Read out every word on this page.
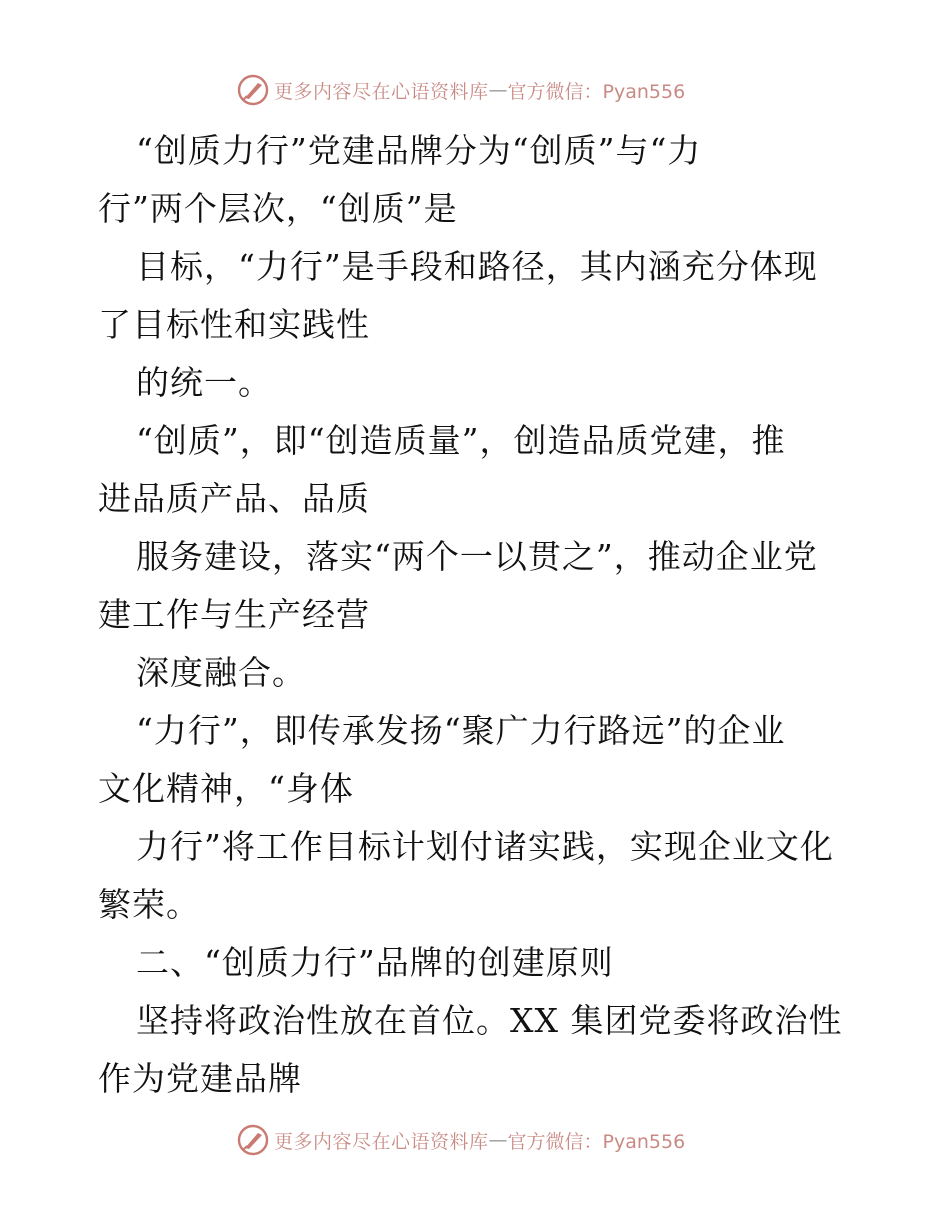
更多内容尽在心语资料库 — 官方微信：Pyan556
“创质力行”党建品牌分为“创质”与“力
行”两个层次，“创质”是
目标，“力行”是手段和路径，其内涵充分体现
了目标性和实践性
的统一。
“创质”，即“创造质量”，创造品质党建，推
进品质产品、品质
服务建设，落实“两个一以贯之”，推动企业党
建工作与生产经营
深度融合。
“力行”，即传承发扬“聚广力行路远”的企业
文化精神，“身体
力行”将工作目标计划付诸实践，实现企业文化
繁荣。
二、“创质力行”品牌的创建原则
坚持将政治性放在首位。XX 集团党委将政治性
作为党建品牌
更多内容尽在心语资料库 — 官方微信：Pyan556
